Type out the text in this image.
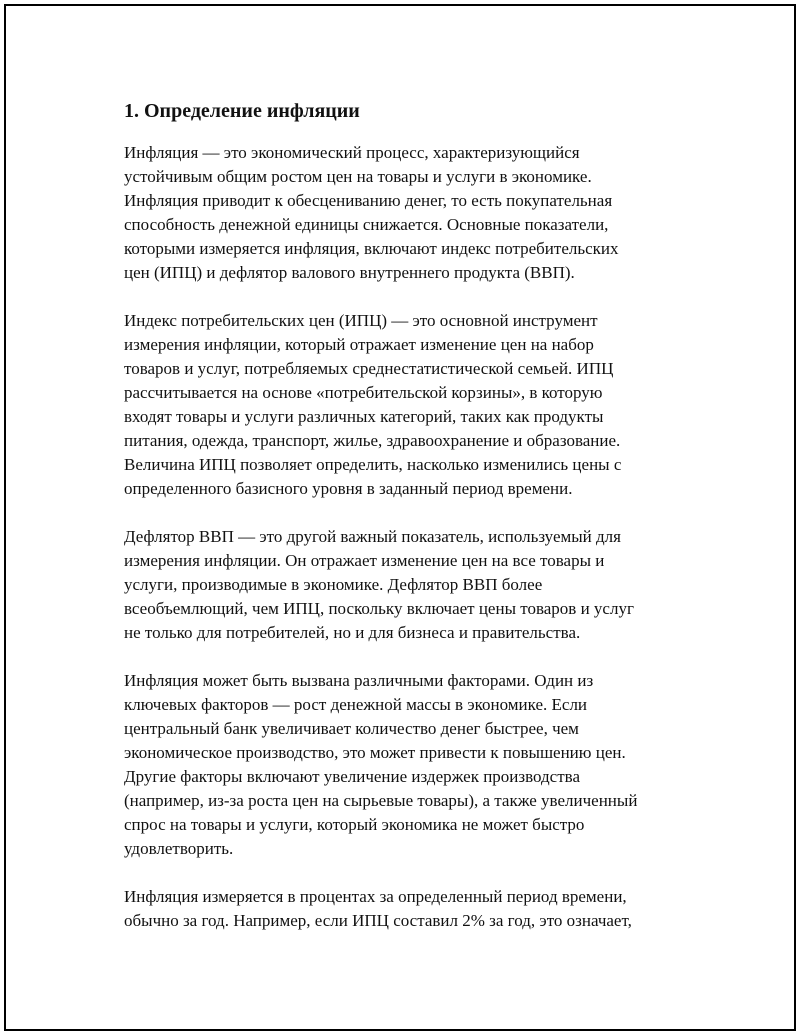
1. Определение инфляции

Инфляция — это экономический процесс, характеризующийся
устойчивым общим ростом цен на товары и услуги в экономике.
Инфляция приводит к обесцениванию денег, то есть покупательная
способность денежной единицы снижается. Основные показатели,
которыми измеряется инфляция, включают индекс потребительских
цен (ИПЦ) и дефлятор валового внутреннего продукта (ВВП).

Индекс потребительских цен (ИПЦ) — это основной инструмент
измерения инфляции, который отражает изменение цен на набор
товаров и услуг, потребляемых среднестатистической семьей. ИПЦ
рассчитывается на основе «потребительской корзины», в которую
входят товары и услуги различных категорий, таких как продукты
питания, одежда, транспорт, жилье, здравоохранение и образование.
Величина ИПЦ позволяет определить, насколько изменились цены с
определенного базисного уровня в заданный период времени.

Дефлятор ВВП — это другой важный показатель, используемый для
измерения инфляции. Он отражает изменение цен на все товары и
услуги, производимые в экономике. Дефлятор ВВП более
всеобъемлющий, чем ИПЦ, поскольку включает цены товаров и услуг
не только для потребителей, но и для бизнеса и правительства.

Инфляция может быть вызвана различными факторами. Один из
ключевых факторов — рост денежной массы в экономике. Если
центральный банк увеличивает количество денег быстрее, чем
экономическое производство, это может привести к повышению цен.
Другие факторы включают увеличение издержек производства
(например, из-за роста цен на сырьевые товары), а также увеличенный
спрос на товары и услуги, который экономика не может быстро
удовлетворить.

Инфляция измеряется в процентах за определенный период времени,
обычно за год. Например, если ИПЦ составил 2% за год, это означает,
